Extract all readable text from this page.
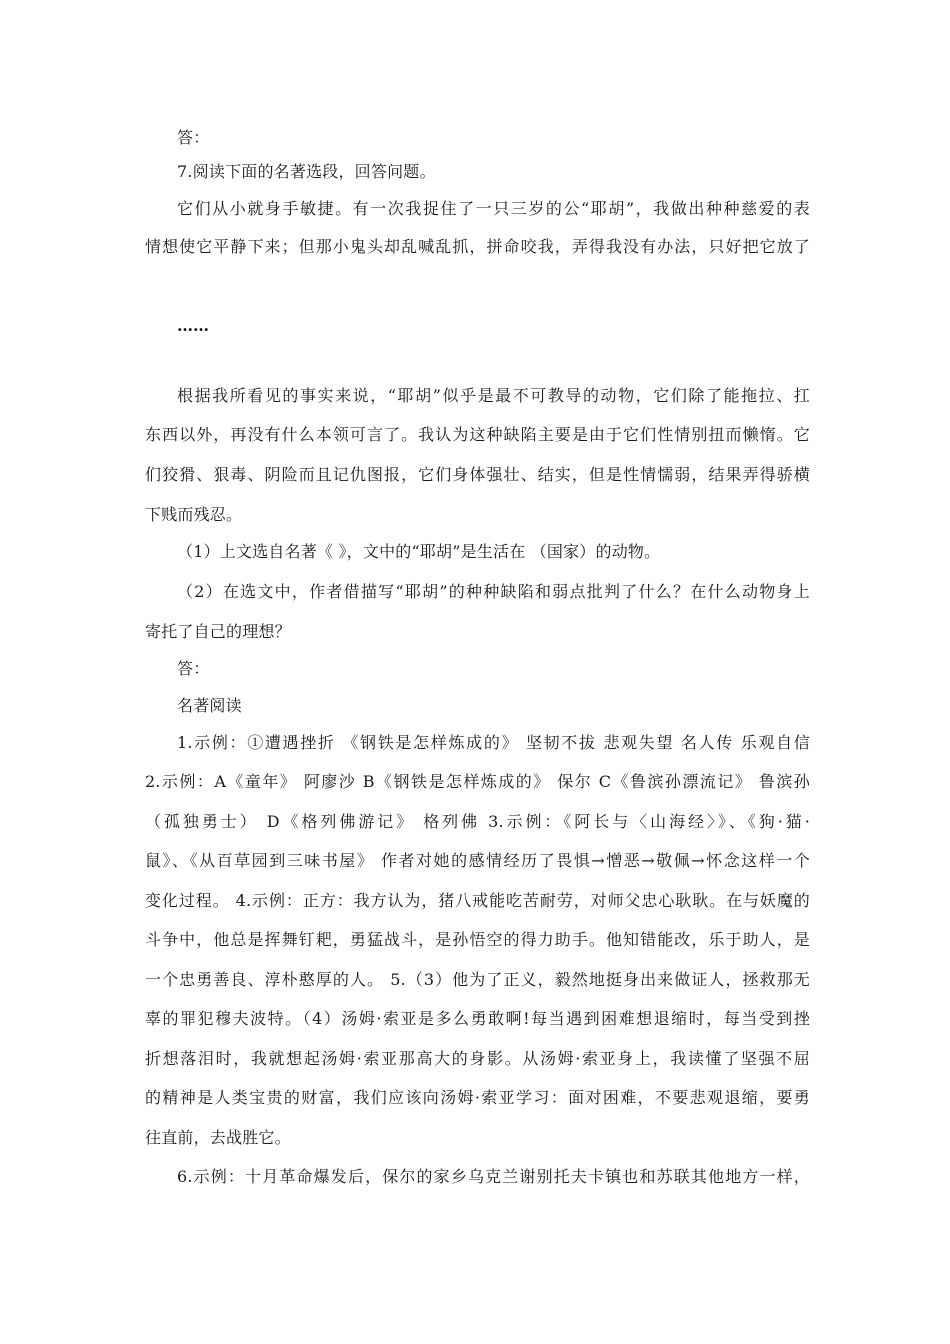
答：
7.阅读下面的名著选段，回答问题。
它们从小就身手敏捷。有一次我捉住了一只三岁的公“耶胡”，我做出种种慈爱的表
情想使它平静下来；但那小鬼头却乱喊乱抓，拼命咬我，弄得我没有办法，只好把它放了
……
根据我所看见的事实来说，“耶胡”似乎是最不可教导的动物，它们除了能拖拉、扛
东西以外，再没有什么本领可言了。我认为这种缺陷主要是由于它们性情别扭而懒惰。它
们狡猾、狠毒、阴险而且记仇图报，它们身体强壮、结实，但是性情懦弱，结果弄得骄横
下贱而残忍。
（1）上文选自名著《 》，文中的“耶胡”是生活在 （国家）的动物。
（2）在选文中，作者借描写“耶胡”的种种缺陷和弱点批判了什么？在什么动物身上
寄托了自己的理想？
答：
名著阅读
1.示例：①遭遇挫折 《钢铁是怎样炼成的》 坚韧不拔 悲观失望 名人传 乐观自信
2.示例：A《童年》 阿廖沙 B《钢铁是怎样炼成的》 保尔 C《鲁滨孙漂流记》 鲁滨孙
（孤独勇士） D《格列佛游记》 格列佛 3.示例：《阿长与〈山海经〉》、《狗·猫·
鼠》、《从百草园到三味书屋》 作者对她的感情经历了畏惧→憎恶→敬佩→怀念这样一个
变化过程。 4.示例：正方：我方认为，猪八戒能吃苦耐劳，对师父忠心耿耿。在与妖魔的
斗争中，他总是挥舞钉耙，勇猛战斗，是孙悟空的得力助手。他知错能改，乐于助人，是
一个忠勇善良、淳朴憨厚的人。 5.（3）他为了正义，毅然地挺身出来做证人，拯救那无
辜的罪犯穆夫波特。（4）汤姆·索亚是多么勇敢啊!每当遇到困难想退缩时，每当受到挫
折想落泪时，我就想起汤姆·索亚那高大的身影。从汤姆·索亚身上，我读懂了坚强不屈
的精神是人类宝贵的财富，我们应该向汤姆·索亚学习：面对困难，不要悲观退缩，要勇
往直前，去战胜它。
6.示例：十月革命爆发后，保尔的家乡乌克兰谢别托夫卡镇也和苏联其他地方一样，
